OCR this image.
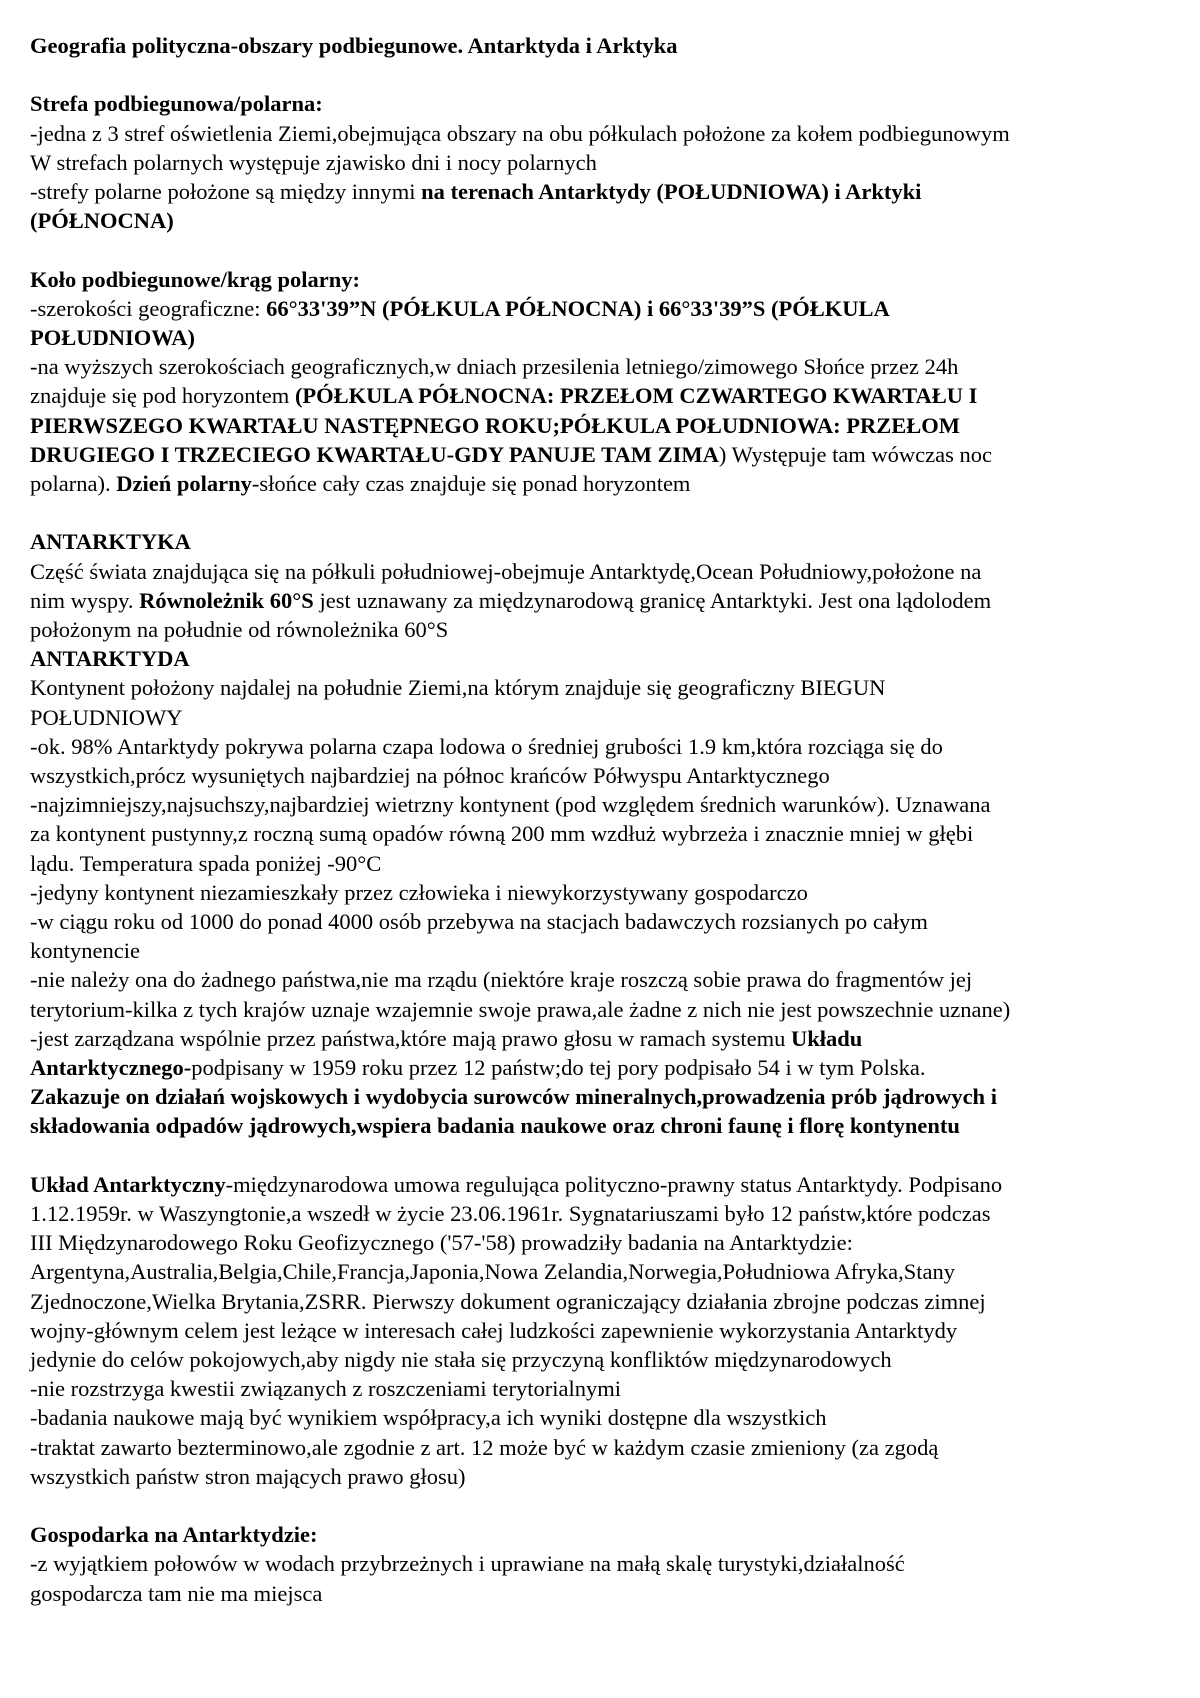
Geografia polityczna-obszary podbiegunowe. Antarktyda i Arktyka
Strefa podbiegunowa/polarna:
-jedna z 3 stref oświetlenia Ziemi,obejmująca obszary na obu półkulach położone za kołem podbiegunowym
W strefach polarnych występuje zjawisko dni i nocy polarnych
-strefy polarne położone są między innymi na terenach Antarktydy (POŁUDNIOWA) i Arktyki
(PÓŁNOCNA)
Koło podbiegunowe/krąg polarny:
-szerokości geograficzne: 66°33'39”N (PÓŁKULA PÓŁNOCNA) i 66°33'39”S (PÓŁKULA
POŁUDNIOWA)
-na wyższych szerokościach geograficznych,w dniach przesilenia letniego/zimowego Słońce przez 24h
znajduje się pod horyzontem (PÓŁKULA PÓŁNOCNA: PRZEŁOM CZWARTEGO KWARTAŁU I
PIERWSZEGO KWARTAŁU NASTĘPNEGO ROKU;PÓŁKULA POŁUDNIOWA: PRZEŁOM
DRUGIEGO I TRZECIEGO KWARTAŁU-GDY PANUJE TAM ZIMA) Występuje tam wówczas noc
polarna). Dzień polarny-słońce cały czas znajduje się ponad horyzontem
ANTARKTYKA
Część świata znajdująca się na półkuli południowej-obejmuje Antarktydę,Ocean Południowy,położone na
nim wyspy. Równoleżnik 60°S jest uznawany za międzynarodową granicę Antarktyki. Jest ona lądolodem
położonym na południe od równoleżnika 60°S
ANTARKTYDA
Kontynent położony najdalej na południe Ziemi,na którym znajduje się geograficzny BIEGUN
POŁUDNIOWY
-ok. 98% Antarktydy pokrywa polarna czapa lodowa o średniej grubości 1.9 km,która rozciąga się do
wszystkich,prócz wysuniętych najbardziej na północ krańców Półwyspu Antarktycznego
-najzimniejszy,najsuchszy,najbardziej wietrzny kontynent (pod względem średnich warunków). Uznawana
za kontynent pustynny,z roczną sumą opadów równą 200 mm wzdłuż wybrzeża i znacznie mniej w głębi
lądu. Temperatura spada poniżej -90°C
-jedyny kontynent niezamieszkały przez człowieka i niewykorzystywany gospodarczo
-w ciągu roku od 1000 do ponad 4000 osób przebywa na stacjach badawczych rozsianych po całym
kontynencie
-nie należy ona do żadnego państwa,nie ma rządu (niektóre kraje roszczą sobie prawa do fragmentów jej
terytorium-kilka z tych krajów uznaje wzajemnie swoje prawa,ale żadne z nich nie jest powszechnie uznane)
-jest zarządzana wspólnie przez państwa,które mają prawo głosu w ramach systemu Układu
Antarktycznego-podpisany w 1959 roku przez 12 państw;do tej pory podpisało 54 i w tym Polska.
Zakazuje on działań wojskowych i wydobycia surowców mineralnych,prowadzenia prób jądrowych i
składowania odpadów jądrowych,wspiera badania naukowe oraz chroni faunę i florę kontynentu
Układ Antarktyczny-międzynarodowa umowa regulująca polityczno-prawny status Antarktydy. Podpisano
1.12.1959r. w Waszyngtonie,a wszedł w życie 23.06.1961r. Sygnatariuszami było 12 państw,które podczas
III Międzynarodowego Roku Geofizycznego ('57-'58) prowadziły badania na Antarktydzie:
Argentyna,Australia,Belgia,Chile,Francja,Japonia,Nowa Zelandia,Norwegia,Południowa Afryka,Stany
Zjednoczone,Wielka Brytania,ZSRR. Pierwszy dokument ograniczający działania zbrojne podczas zimnej
wojny-głównym celem jest leżące w interesach całej ludzkości zapewnienie wykorzystania Antarktydy
jedynie do celów pokojowych,aby nigdy nie stała się przyczyną konfliktów międzynarodowych
-nie rozstrzyga kwestii związanych z roszczeniami terytorialnymi
-badania naukowe mają być wynikiem współpracy,a ich wyniki dostępne dla wszystkich
-traktat zawarto bezterminowo,ale zgodnie z art. 12 może być w każdym czasie zmieniony (za zgodą
wszystkich państw stron mających prawo głosu)
Gospodarka na Antarktydzie:
-z wyjątkiem połowów w wodach przybrzeżnych i uprawiane na małą skalę turystyki,działalność
gospodarcza tam nie ma miejsca
